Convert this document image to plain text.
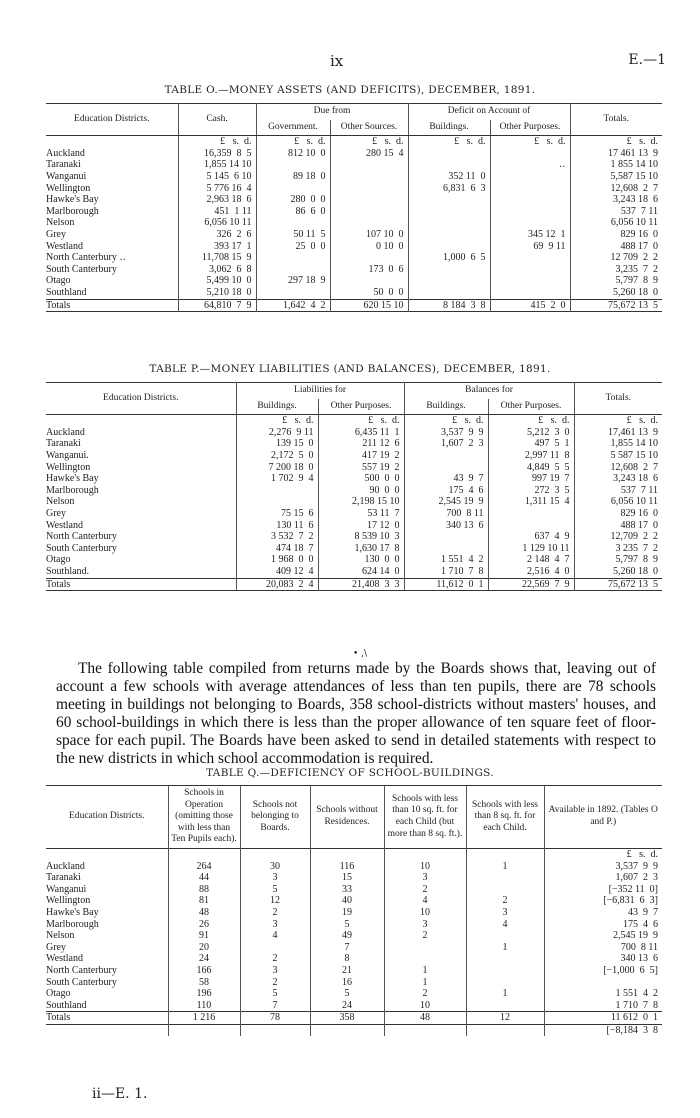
ix	E.—1
TABLE O.—MONEY ASSETS (AND DEFICITS), DECEMBER, 1891.
Education Districts.	Cash.	Due from		Deficit on Account of		Totals.
		Government.	Other Sources.	Buildings.	Other Purposes.	
	£   s.  d.	£   s.  d.	£   s.  d.	£   s.  d.	£   s.  d.	£   s.  d.
Auckland	16,359  8  5	812 10  0	280 15  4			17 461 13  9
Taranaki	1,855 14 10				‥	1 855 14 10
Wanganui	5 145  6 10	89 18  0		352 11  0		5,587 15 10
Wellington	5 776 16  4			6,831  6  3		12,608  2  7
Hawke's Bay	2,963 18  6	280  0  0				3,243 18  6
Marlborough	451  1 11	86  6  0				537  7 11
Nelson	6,056 10 11					6,056 10 11
Grey	326  2  6	50 11  5	107 10  0		345 12  1	829 16  0
Westland	393 17  1	25  0  0	0 10  0		69  9 11	488 17  0
North Canterbury ‥	11,708 15  9			1,000  6  5		12 709  2  2
South Canterbury	3,062  6  8		173  0  6			3,235  7  2
Otago	5,499 10  0	297 18  9				5,797  8  9
Southland	5,210 18  0		50  0  0			5,260 18  0
Totals	64,810  7  9	1,642  4  2	620 15 10	8 184  3  8	415  2  0	75,672 13  5
TABLE P.—MONEY LIABILITIES (AND BALANCES), DECEMBER, 1891.
Education Districts.	Liabilities for		Balances for		Totals.
	Buildings.	Other Purposes.	Buildings.	Other Purposes.	
	£   s.  d.	£   s.  d.	£   s.  d.	£   s.  d.	£   s.  d.
Auckland	2,276  9 11	6,435 11  1	3,537  9  9	5,212  3  0	17,461 13  9
Taranaki	139 15  0	211 12  6	1,607  2  3	497  5  1	1,855 14 10
Wanganui.	2,172  5  0	417 19  2		2,997 11  8	5 587 15 10
Wellington	7 200 18  0	557 19  2		4,849  5  5	12,608  2  7
Hawke's Bay	1 702  9  4	500  0  0	43  9  7	997 19  7	3,243 18  6
Marlborough		90  0  0	175  4  6	272  3  5	537  7 11
Nelson		2,198 15 10	2,545 19  9	1,311 15  4	6,056 10 11
Grey	75 15  6	53 11  7	700  8 11		829 16  0
Westland	130 11  6	17 12  0	340 13  6		488 17  0
North Canterbury	3 532  7  2	8 539 10  3		637  4  9	12,709  2  2
South Canterbury	474 18  7	1,630 17  8		1 129 10 11	3 235  7  2
Otago	1 968  0  0	130  0  0	1 551  4  2	2 148  4  7	5,797  8  9
Southland.	409 12  4	624 14  0	1 710  7  8	2,516  4  0	5,260 18  0
Totals	20,083  2  4	21,408  3  3	11,612  0  1	22,569  7  9	75,672 13  5
• ,\

The following table compiled from returns made by the Boards shows that, leaving out of account a few schools with average attendances of less than ten pupils, there are 78 schools meeting in buildings not belonging to Boards, 358 school-districts without masters' houses, and 60 school-buildings in which there is less than the proper allowance of ten square feet of floor-space for each pupil. The Boards have been asked to send in detailed statements with respect to the new districts in which school accommodation is required.

TABLE Q.—DEFICIENCY OF SCHOOL-BUILDINGS.
Education Districts.	Schools in Operation (omitting those with less than Ten Pupils each).	Schools not belonging to Boards.	Schools without Residences.	Schools with less than 10 sq. ft. for each Child (but more than 8 sq. ft.).	Schools with less than 8 sq. ft. for each Child.	Available in 1892. (Tables O and P.)
						£   s.  d.
Auckland	264	30	116	10	1	3,537  9  9
Taranaki	44	3	15	3		1,607  2  3
Wanganui	88	5	33	2		[−352 11  0]
Wellington	81	12	40	4	2	[−6,831  6  3]
Hawke's Bay	48	2	19	10	3	43  9  7
Marlborough	26	3	5	3	4	175  4  6
Nelson	91	4	49	2		2,545 19  9
Grey	20		7		1	700  8 11
Westland	24	2	8			340 13  6
North Canterbury	166	3	21	1		[−1,000  6  5]
South Canterbury	58	2	16	1		
Otago	196	5	5	2	1	1 551  4  2
Southland	110	7	24	10		1 710  7  8
Totals	1 216	78	358	48	12	11 612  0  1
						[−8,184  3  8
ii—E. 1.
